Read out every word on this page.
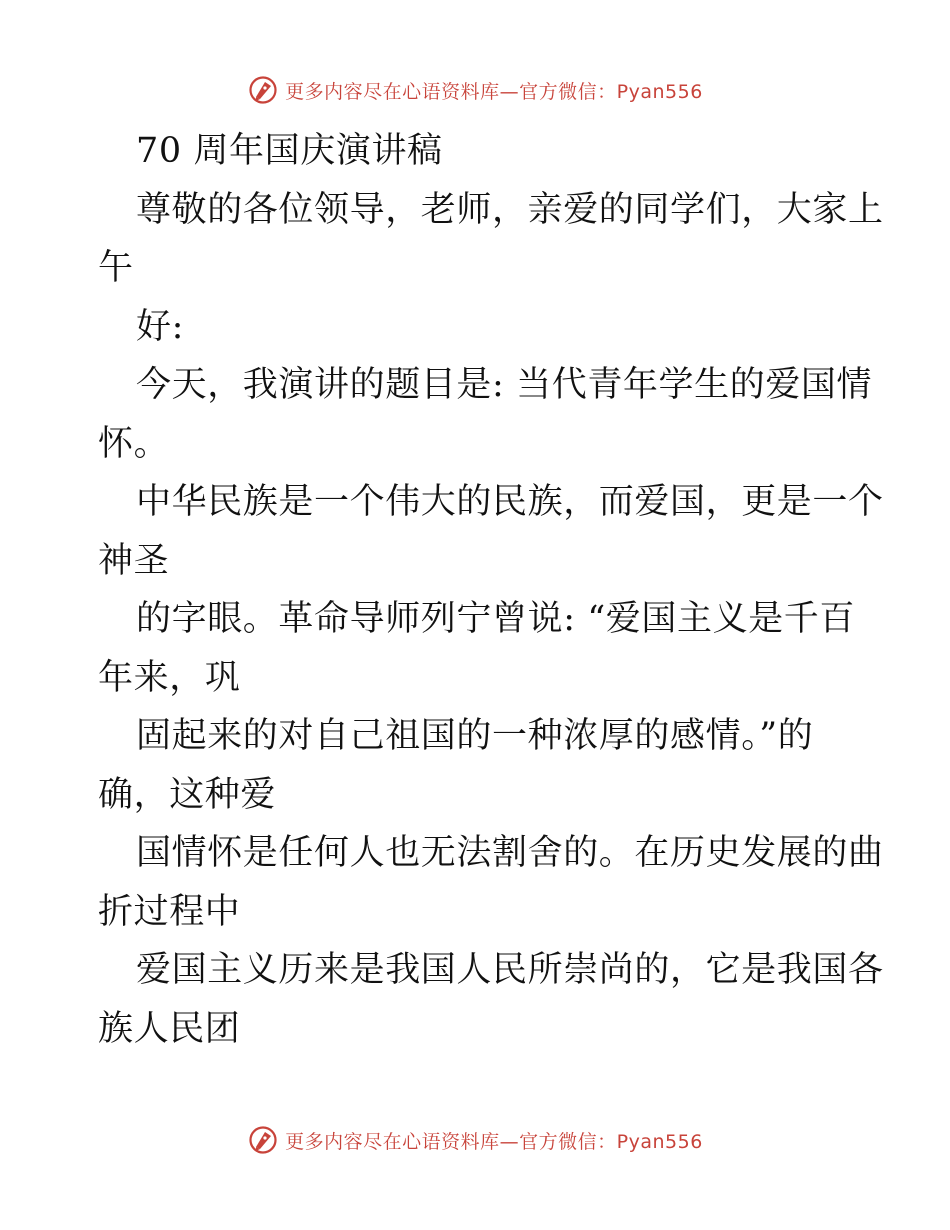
更多内容尽在心语资料库—官方微信：Pyan556
70 周年国庆演讲稿
尊敬的各位领导，老师，亲爱的同学们，大家上
午
好:
今天，我演讲的题目是: 当代青年学生的爱国情
怀。
中华民族是一个伟大的民族，而爱国，更是一个
神圣
的字眼。革命导师列宁曾说: “爱国主义是千百
年来，巩
固起来的对自己祖国的一种浓厚的感情。”的
确，这种爱
国情怀是任何人也无法割舍的。在历史发展的曲
折过程中
爱国主义历来是我国人民所崇尚的，它是我国各
族人民团
更多内容尽在心语资料库—官方微信：Pyan556
